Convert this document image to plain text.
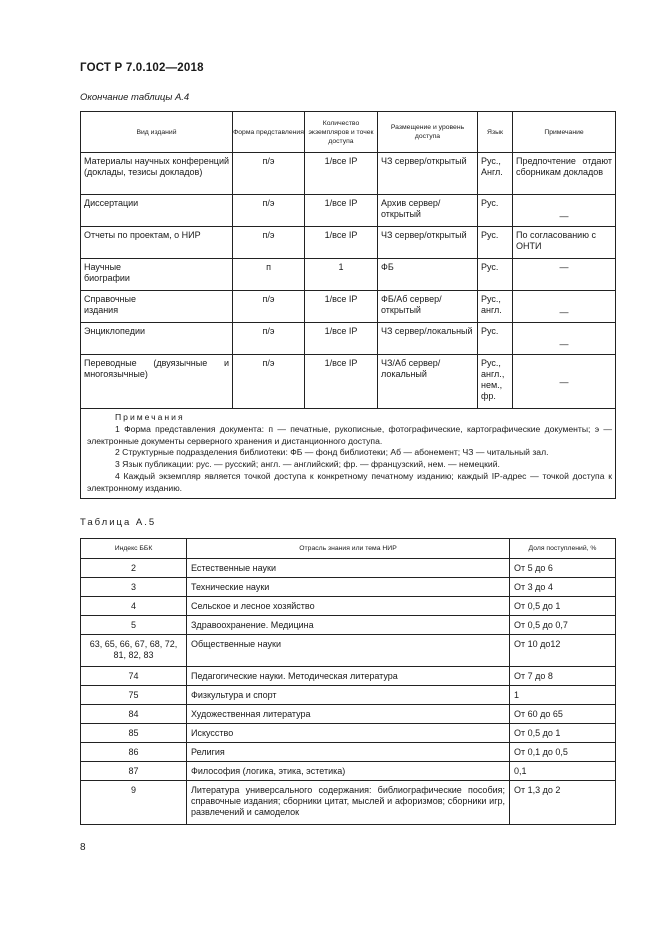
ГОСТ Р 7.0.102—2018
Окончание таблицы А.4
Вид изданий	Форма представления	Количество экземпляров и точек доступа	Размещение и уровень доступа	Язык	Примечание
Материалы научных конференций (доклады, тезисы докладов)	п/э	1/все IP	ЧЗ сервер/открытый	Рус., Англ.	Предпочтение отдают сборникам докладов
Диссертации	п/э	1/все IP	Архив сервер/открытый	Рус.	—
Отчеты по проектам, о НИР	п/э	1/все IP	ЧЗ сервер/открытый	Рус.	По согласованию с ОНТИ
Научные биографии	п	1	ФБ	Рус.	—
Справочные издания	п/э	1/все IP	ФБ/Аб сервер/открытый	Рус., англ.	—
Энциклопедии	п/э	1/все IP	ЧЗ сервер/локальный	Рус.	—
Переводные (двуязычные и многоязычные)	п/э	1/все IP	ЧЗ/Аб сервер/локальный	Рус., англ., нем., фр.	—

Примечания
1 Форма представления документа: п — печатные, рукописные, фотографические, картографические документы; э — электронные документы серверного хранения и дистанционного доступа.
2 Структурные подразделения библиотеки: ФБ — фонд библиотеки; Аб — абонемент; ЧЗ — читальный зал.
3 Язык публикации: рус. — русский; англ. — английский; фр. — французский, нем. — немецкий.
4 Каждый экземпляр является точкой доступа к конкретному печатному изданию; каждый IP-адрес — точкой доступа к электронному изданию.					
Таблица А.5
Индекс ББК	Отрасль знания или тема НИР	Доля поступлений, %
2	Естественные науки	От 5 до 6
3	Технические науки	От 3 до 4
4	Сельское и лесное хозяйство	От 0,5 до 1
5	Здравоохранение. Медицина	От 0,5 до 0,7
63, 65, 66, 67, 68, 72, 81, 82, 83	Общественные науки	От 10 до12
74	Педагогические науки. Методическая литература	От 7 до 8
75	Физкультура и спорт	1
84	Художественная литература	От 60 до 65
85	Искусство	От 0,5 до 1
86	Религия	От 0,1 до 0,5
87	Философия (логика, этика, эстетика)	0,1
9	Литература универсального содержания: библиографические пособия; справочные издания; сборники цитат, мыслей и афоризмов; сборники игр, развлечений и самоделок	От 1,3 до 2
8
